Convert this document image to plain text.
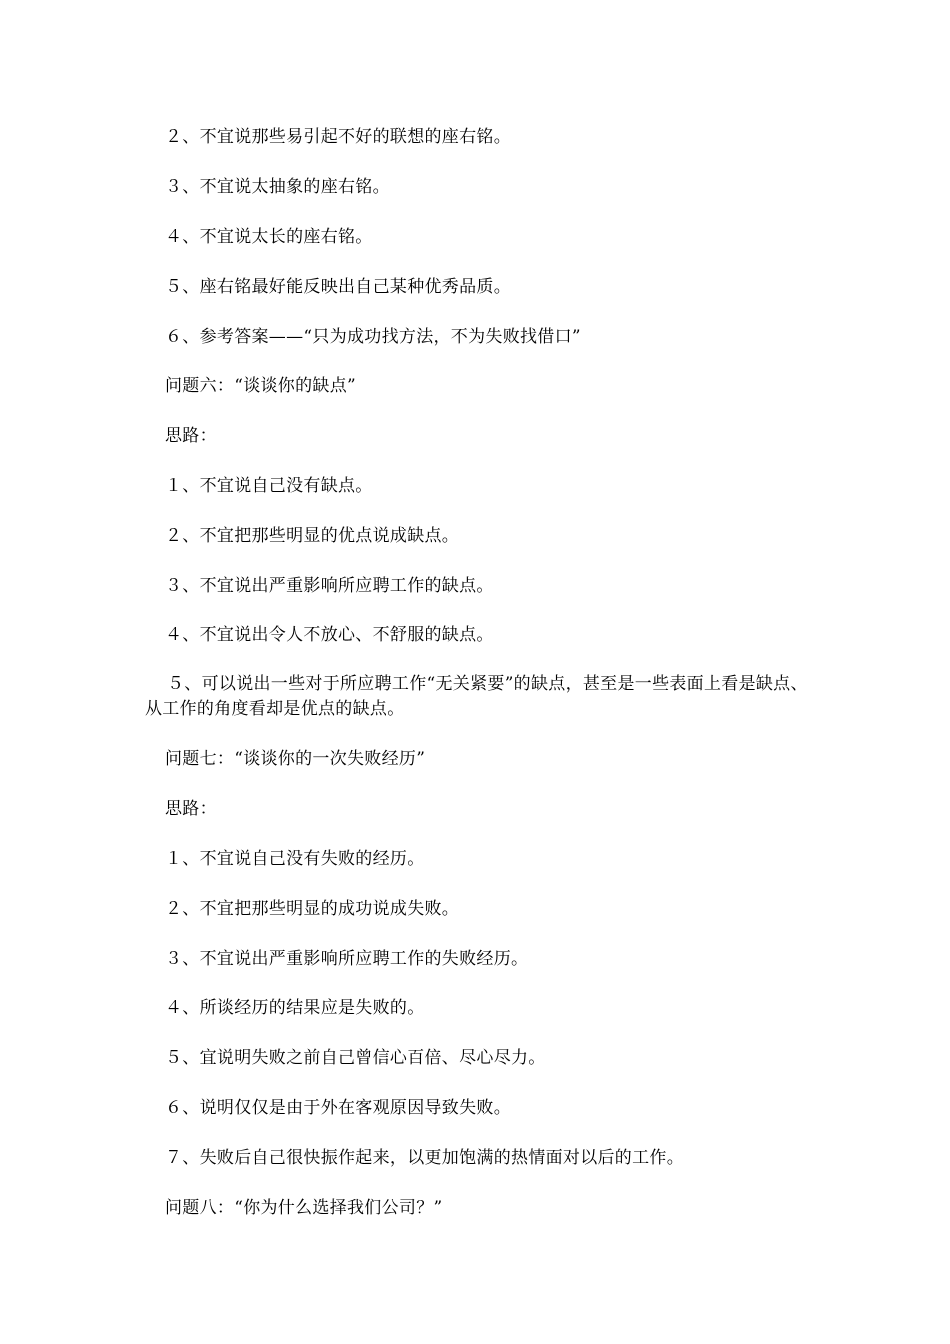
２、不宜说那些易引起不好的联想的座右铭。
３、不宜说太抽象的座右铭。
４、不宜说太长的座右铭。
５、座右铭最好能反映出自己某种优秀品质。
６、参考答案——“只为成功找方法，不为失败找借口”
问题六：“谈谈你的缺点”
思路：
１、不宜说自己没有缺点。
２、不宜把那些明显的优点说成缺点。
３、不宜说出严重影响所应聘工作的缺点。
４、不宜说出令人不放心、不舒服的缺点。
５、可以说出一些对于所应聘工作“无关紧要”的缺点，甚至是一些表面上看是缺点、从工作的角度看却是优点的缺点。
问题七：“谈谈你的一次失败经历”
思路：
１、不宜说自己没有失败的经历。
２、不宜把那些明显的成功说成失败。
３、不宜说出严重影响所应聘工作的失败经历。
４、所谈经历的结果应是失败的。
５、宜说明失败之前自己曾信心百倍、尽心尽力。
６、说明仅仅是由于外在客观原因导致失败。
７、失败后自己很快振作起来，以更加饱满的热情面对以后的工作。
问题八：“你为什么选择我们公司？”
